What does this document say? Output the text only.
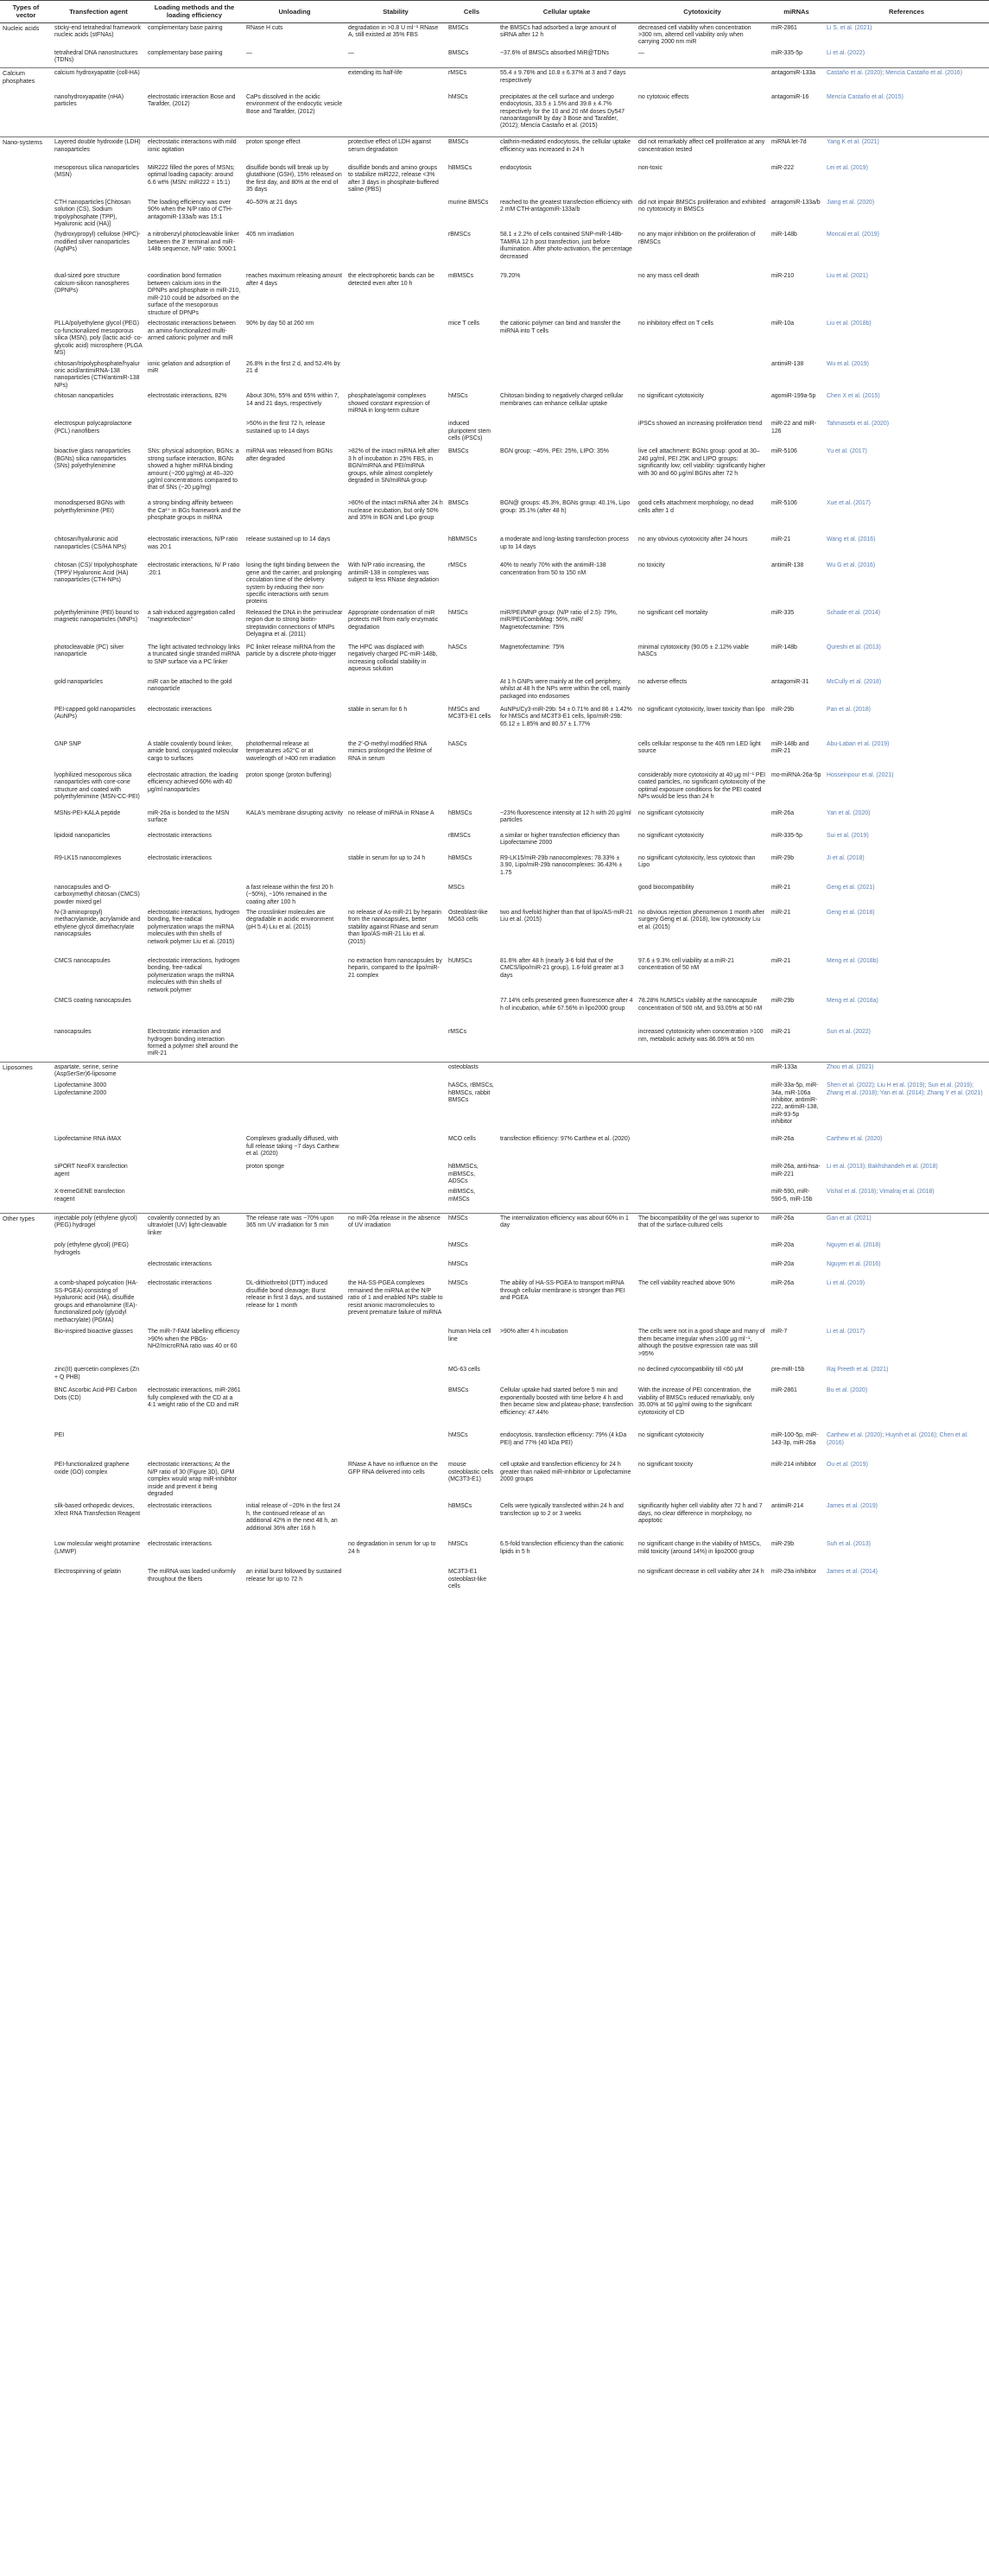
Types of vector	Transfection agent	Loading methods and the loading efficiency	Unloading	Stability	Cells	Cellular uptake	Cytotoxicity	miRNAs	References
Nucleic acids	sticky-end tetrahedral framework nucleic acids (stFNAs)	complementary base pairing	RNase H cuts	degradation in >0.8 U ml⁻¹ RNase A, still existed at 35% FBS	BMSCs	the BMSCs had adsorbed a large amount of siRNA after 12 h	decreased cell viability when concentration >300 nm, altered cell viability only when carrying 2000 nm miR	miR-2861	Li S. et al. (2021)
	tetrahedral DNA nanostructures (TDNs)	complementary base pairing	—	—	BMSCs	~37.6% of BMSCs absorbed MiR@TDNs	—	miR-335-5p	Li et al. (2022)
Calcium phosphates	calcium hydroxyapatite (coll-HA)			extending its half-life	rMSCs	55.4 ± 9.76% and 10.8 ± 6.37% at 3 and 7 days respectively		antagomiR-133a	Castaño et al. (2020); Mencía Castaño et al. (2016)
	nanohydroxyapatite (nHA) particles	electrostatic interaction Bose and Tarafder, (2012)	CaPs dissolved in the acidic environment of the endocytic vesicle Bose and Tarafder, (2012)		hMSCs	precipitates at the cell surface and undergo endocytosis, 33.5 ± 1.5% and 39.8 ± 4.7% respectively for the 10 and 20 nM doses Dy547 nanoantagomiR by day 3 Bose and Tarafder, (2012); Mencía Castaño et al. (2015)	no cytotoxic effects	antagomiR-16	Mencía Castaño et al. (2015)
Nano-systems	Layered double hydroxide (LDH) nanoparticles	electrostatic interactions with mild ionic agitation	proton sponge effect	protective effect of LDH against serum degradation	BMSCs	clathrin-mediated endocytosis, the cellular uptake efficiency was increased in 24 h	did not remarkably affect cell proliferation at any concentration tested	miRNA let-7d	Yang K et al. (2021)
	mesoporous silica nanoparticles (MSN)	MiR222 filled the pores of MSNs; optimal loading capacity: around 6.6 wt% (MSN: miR222 = 15:1)	disulfide bonds will break up by glutathione (GSH), 15% released on the first day, and 80% at the end of 35 days	disulfide bonds and amino groups to stabilize miR222, release <3% after 3 days in phosphate-buffered saline (PBS)	hBMSCs	endocytosis	non-toxic	miR-222	Lei et al. (2019)
	CTH nanoparticles [Chitosan solution (CS), Sodium tripolyphosphate (TPP), Hyaluronic acid (HA)]	The loading efficiency was over 90% when the N/P ratio of CTH-antagomiR-133a/b was 15:1	40–50% at 21 days		murine BMSCs	reached to the greatest transfection efficiency with 2 mM CTH-antagomiR-133a/b	did not impair BMSCs proliferation and exhibited no cytotoxicity in BMSCs	antagomiR-133a/b	Jiang et al. (2020)
	(hydroxypropyl) cellulose (HPC)-modified silver nanoparticles (AgNPs)	a nitrobenzyl photocleavable linker between the 3′ terminal and miR-148b sequence, N/P ratio: 5000:1	405 nm irradiation		rBMSCs	58.1 ± 2.2% of cells contained SNP-miR-148b-TAMRA 12 h post transfection, just before illumination. After photo-activation, the percentage decreased	no any major inhibition on the proliferation of rBMSCs	miR-148b	Moncal et al. (2019)
	dual-sized pore structure calcium-silicon nanospheres (DPNPs)	coordination bond formation between calcium ions in the DPNPs and phosphate in miR-210, miR-210 could be adsorbed on the surface of the mesoporous structure of DPNPs	reaches maximum releasing amount after 4 days	the electrophoretic bands can be detected even after 10 h	mBMSCs	79.20%	no any mass cell death	miR-210	Liu et al. (2021)
	PLLA/polyethylene glycol (PEG) co-functionalized mesoporous silica (MSN), poly (lactic acid- co-glycolic acid) microsphere (PLGA MS)	electrostatic interactions between an amino-functionalized multi-armed cationic polymer and miR	90% by day 50 at 260 nm		mice T cells	the cationic polymer can bind and transfer the miRNA into T cells	no inhibitory effect on T cells	miR-10a	Liu et al. (2018b)
	chitosan/tripolyphosphate/hyaluronic acid/antimiRNA-138 nanoparticles (CTH/antimiR-138 NPs)	ionic gelation and adsorption of miR	26.8% in the first 2 d, and 52.4% by 21 d					antimiR-138	Wu et al. (2019)
	chitosan nanoparticles	electrostatic interactions, 82%	About 30%, 55% and 65% within 7, 14 and 21 days, respectively	phosphate/agomir complexes showed constant expression of miRNA in long-term culture	hMSCs	Chitosan binding to negatively charged cellular membranes can enhance cellular uptake	no significant cytotoxicity	agomiR-199a-5p	Chen X et al. (2015)
	electrospun polycaprolactone (PCL) nanofibers		>50% in the first 72 h, release sustained up to 14 days		induced pluripotent stem cells (iPSCs)		iPSCs showed an increasing proliferation trend	miR-22 and miR-126	Tahmasebi et al. (2020)
	bioactive glass nanoparticles (BGNs) silica nanoparticles (SNs) polyethylenimine	SNs: physical adsorption, BGNs: a strong surface interaction, BGNs showed a higher miRNA binding amount (~200 μg/mg) at 40–320 μg/ml concentrations compared to that of SNs (~20 μg/mg)	miRNA was released from BGNs after degraded	>82% of the intact miRNA left after 3 h of incubation in 25% FBS, in BGN/miRNA and PEI/miRNA groups, while almost completely degraded in SN/miRNA group	BMSCs	BGN group: ~45%, PEI: 25%, LIPO: 35%	live cell attachment: BGNs group: good at 30–240 μg/ml, PEI 25K and LIPO groups: significantly low; cell viability: significantly higher with 30 and 60 μg/ml BGNs after 72 h	miR-5106	Yu et al. (2017)
	monodispersed BGNs with polyethylenimine (PEI)	a strong binding affinity between the Ca²⁺ in BGs framework and the phosphate groups in miRNA		>80% of the intact miRNA after 24 h nuclease incubation, but only 50% and 35% in BGN and Lipo group	BMSCs	BGN@ groups: 45.3%, BGNs group: 40.1%, Lipo group: 35.1% (after 48 h)	good cells attachment morphology, no dead cells after 1 d	miR-5106	Xue et al. (2017)
	chitosan/hyaluronic acid nanoparticles (CS/HA NPs)	electrostatic interactions, N/P ratio was 20:1	release sustained up to 14 days		hBMMSCs	a moderate and long-lasting transfection process up to 14 days	no any obvious cytotoxicity after 24 hours	miR-21	Wang et al. (2016)
	chitosan (CS)/ tripolyphosphate (TPP)/ Hyaluronic Acid (HA) nanoparticles (CTH-NPs)	electrostatic interactions, N/ P ratio :20:1	losing the tight binding between the gene and the carrier, and prolonging circulation time of the delivery system by reducing their non-specific interactions with serum proteins	With N/P ratio increasing, the antimiR-138 in complexes was subject to less RNase degradation	rMSCs	40% to nearly 70% with the antimiR-138 concentration from 50 to 150 nM	no toxicity	antimiR-138	Wu G et al. (2016)
	polyethylenimine (PEI) bound to magnetic nanoparticles (MNPs)	a salt-induced aggregation called "magnetofection"	Released the DNA in the perinuclear region due to strong biotin-streptavidin connections of MNPs Delyagina et al. (2011)	Appropriate condensation of miR protects miR from early enzymatic degradation	hMSCs	miR/PEI/MNP group: (N/P ratio of 2.5): 79%, miR/PEI/CombiMag: 56%, miR/ Magnetofectamine: 75%	no significant cell mortality	miR-335	Schade et al. (2014)
	photocleavable (PC) silver nanoparticle	The light activated technology links a truncated single stranded miRNA to SNP surface via a PC linker	PC linker release miRNA from the particle by a discrete photo-trigger	The HPC was displaced with negatively charged PC-miR-148b, increasing colloidal stability in aqueous solution	hASCs	Magnetofectamine: 75%	minimal cytotoxicity (90.05 ± 2.12% viable hASCs	miR-148b	Qureshi et al. (2013)
	gold nanoparticles	miR can be attached to the gold nanoparticle				At 1 h GNPs were mainly at the cell periphery, whilst at 48 h the NPs were within the cell, mainly packaged into endosomes	no adverse effects	antagomiR-31	McCully et al. (2018)
	PEI-capped gold nanoparticles (AuNPs)	electrostatic interactions		stable in serum for 6 h	hMSCs and MC3T3-E1 cells	AuNPs/Cy3-miR-29b: 54 ± 0.71% and 86 ± 1.42% for hMSCs and MC3T3-E1 cells, lipo/miR-29b: 65.12 ± 1.85% and 80.57 ± 1.77%	no significant cytotoxicity, lower toxicity than lipo	miR-29b	Pan et al. (2018)
	GNP SNP	A stable covalently bound linker, amide bond, conjugated molecular cargo to surfaces	photothermal release at temperatures ≥62°C or at wavelength of >400 nm irradiation	the 2′-O-methyl modified RNA mimics prolonged the lifetime of RNA in serum	hASCs		cells cellular response to the 405 nm LED light source	miR-148b and miR-21	Abu-Laban et al. (2019)
	lyophilized mesoporous silica nanoparticles with core-cone structure and coated with polyethylenimine (MSN-CC-PEI)	electrostatic attraction, the loading efficiency achieved 60% with 40 μg/ml nanoparticles	proton sponge (proton buffering)				considerably more cytotoxicity at 40 μg ml⁻¹ PEI coated particles, no significant cytotoxicity of the optimal exposure conditions for the PEI coated NPs would be less than 24 h	mo-miRNA-26a-5p	Hosseinpour et al. (2021)
	MSNs-PEI-KALA peptide	miR-26a is bonded to the MSN surface	KALA's membrane disrupting activity	no release of miRNA in RNase A	hBMSCs	~23% fluorescence intensity at 12 h with 20 μg/ml particles	no significant cytotoxicity	miR-26a	Yan et al. (2020)
	lipidoid nanoparticles	electrostatic interactions			rBMSCs	a similar or higher transfection efficiency than Lipofectamine 2000	no significant cytotoxicity	miR-335-5p	Sui et al. (2019)
	R9-LK15 nanocomplexes	electrostatic interactions		stable in serum for up to 24 h	hBMSCs	R9-LK15/miR-29b nanocomplexes: 78.33% ± 3.90, Lipo/miR-29b nanocomplexes: 36.43% ± 1.75	no significant cytotoxicity, less cytotoxic than Lipo	miR-29b	Ji et al. (2018)
	nanocapsules and O-carboxymethyl chitosan (CMCS) powder mixed gel		a fast release within the first 20 h (~50%), ~10% remained in the coating after 100 h		MSCs		good biocompatibility	miR-21	Geng et al. (2021)
	N-(3-aminopropyl) methacrylamide, acrylamide and ethylene glycol dimethacrylate nanocapsules	electrostatic interactions, hydrogen bonding, free-radical polymerization wraps the miRNA molecules with thin shells of network polymer Liu et al. (2015)	The crosslinker molecules are degradable in acidic environment (pH 5.4) Liu et al. (2015)	no release of As-miR-21 by heparin from the nanocapsules, better stability against RNase and serum than lipo/AS-miR-21 Liu et al. (2015)	Osteoblast-like MG63 cells	two and fivefold higher than that of lipo/AS-miR-21 Liu et al. (2015)	no obvious rejection phenomenon 1 month after surgery Geng et al. (2018), low cytotoxicity Liu et al. (2015)	miR-21	Geng et al. (2018)
	CMCS nanocapsules	electrostatic interactions, hydrogen bonding, free-radical polymerization wraps the miRNA molecules with thin shells of network polymer		no extraction from nanocapsules by heparin, compared to the lipo/miR-21 complex	hUMSCs	81.6% after 48 h (nearly 3-6 fold that of the CMCS/lipo/miR-21 group), 1.6-fold greater at 3 days	97.6 ± 9.3% cell viability at a miR-21 concentration of 50 nM	miR-21	Meng et al. (2018b)
	CMCS coating nanocapsules					77.14% cells presented green fluorescence after 4 h of incubation, while 67.56% in lipo2000 group	78.28% hUMSCs viability at the nanocapsule concentration of 500 nM, and 93.05% at 50 nM	miR-29b	Meng et al. (2018a)
	nanocapsules	Electrostatic interaction and hydrogen bonding interaction formed a polymer shell around the miR-21			rMSCs		increased cytotoxicity when concentration >100 nm, metabolic activity was 86.06% at 50 nm	miR-21	Sun et al. (2022)
Liposomes	aspartate, serine, serine (AspSerSer)6-liposome				osteoblasts			miR-133a	Zhou et al. (2021)
	Lipofectamine 3000 Lipofectamine 2000				hASCs, rBMSCs, hBMSCs, rabbit BMSCs			miR-33a-5p, miR-34a, miR-106a inhibitor, antimiR-222, antimiR-138, miR-93-5p inhibitor	Shen et al. (2022); Liu H et al. (2019); Sun et al. (2019); Zhang et al. (2018); Yan et al. (2014); Zhang Y et al. (2021)
	Lipofectamine RNA iMAX		Complexes gradually diffused, with full release taking ~7 days Carthew et al. (2020)		MCO cells	transfection efficiency: 97% Carthew et al. (2020)		miR-26a	Carthew et al. (2020)
	siPORT NeoFX transfection agent		proton sponge		hBMMSCs, mBMSCs, ADSCs			miR-26a, anti-hsa-miR-221	Li et al. (2013); Bakhshandeh et al. (2018)
	X-tremeGENE transfection reagent				mBMSCs, mMSCs			miR-590, miR-590-5, miR-15b	Vishal et al. (2018); Vimalraj et al. (2018)
Other types	injectable poly (ethylene glycol) (PEG) hydrogel	covalently connected by an ultraviolet (UV) light-cleavable linker	The release rate was ~70% upon 365 nm UV irradiation for 5 min	no miR-26a release in the absence of UV irradiation	hMSCs	The internalization efficiency was about 60% in 1 day	The biocompatibility of the gel was superior to that of the surface-cultured cells	miR-26a	Gan et al. (2021)
	poly (ethylene glycol) (PEG) hydrogels				hMSCs			miR-20a	Nguyen et al. (2018)
		electrostatic interactions			hMSCs			miR-20a	Nguyen et al. (2016)
	a comb-shaped polycation (HA-SS-PGEA) consisting of Hyaluronic acid (HA), disulfide groups and ethanolamine (EA)-functionalized poly (glycidyl methacrylate) (PGMA)	electrostatic interactions	DL-dithiothreitol (DTT) induced disulfide bond cleavage; Burst release in first 3 days, and sustained release for 1 month	the HA-SS-PGEA complexes remained the miRNA at the N/P ratio of 1 and enabled NPs stable to resist anionic macromolecules to prevent premature failure of miRNA	hMSCs	The ability of HA-SS-PGEA to transport miRNA through cellular membrane is stronger than PEI and PGEA	The cell viability reached above 90%	miR-26a	Li et al. (2019)
	Bio-inspired bioactive glasses	The miR-7-FAM labelling efficiency >90% when the PBGs-NH2/microRNA ratio was 40 or 60			human Hela cell line	>90% after 4 h incubation	The cells were not in a good shape and many of them became irregular when ≥100 μg ml⁻¹, although the positive expression rate was still >95%	miR-7	Li et al. (2017)
	zinc(II) quercetin complexes (Zn + Q PHB)				MG-63 cells		no declined cytocompatibility till <60 μM	pre-miR-15b	Raj Preeth et al. (2021)
	BNC Ascorbic Acid-PEI Carbon Dots (CD)	electrostatic interactions, miR-2861 fully complexed with the CD at a 4:1 weight ratio of the CD and miR			BMSCs	Cellular uptake had started before 5 min and exponentially boosted with time before 4 h and then became slow and plateau-phase; transfection efficiency: 47.44%	With the increase of PEI concentration, the viability of BMSCs reduced remarkably, only 35.00% at 50 μg/ml owing to the significant cytotoxicity of CD	miR-2861	Bu et al. (2020)
	PEI				hMSCs	endocytosis, transfection efficiency: 79% (4 kDa PEI) and 77% (40 kDa PEI)	no significant cytotoxicity	miR-100-5p, miR-143-3p, miR-26a	Carthew et al. (2020); Huynh et al. (2016); Chen et al. (2016)
	PEI-functionalized graphene oxide (GO) complex	electrostatic interactions; At the N/P ratio of 30 (Figure 3D), GPM complex would wrap miR-inhibitor inside and prevent it being degraded		RNase A have no influence on the GFP RNA delivered into cells	mouse osteoblastic cells (MC3T3-E1)	cell uptake and transfection efficiency for 24 h greater than naked miR-inhibitor or Lipofectamine 2000 groups	no significant toxicity	miR-214 inhibitor	Ou et al. (2019)
	silk-based orthopedic devices, Xfect RNA Transfection Reagent	electrostatic interactions	initial release of ~20% in the first 24 h, the continued release of an additional 42% in the next 48 h, an additional 36% after 168 h		hBMSCs	Cells were typically transfected within 24 h and transfection up to 2 or 3 weeks	significantly higher cell viability after 72 h and 7 days, no clear difference in morphology, no apoptotic	antimiR-214	James et al. (2019)
	Low molecular weight protamine (LMWP)	electrostatic interactions		no degradation in serum for up to 24 h	hMSCs	6.5-fold transfection efficiency than the cationic lipids in 5 h	no significant change in the viability of hMSCs, mild toxicity (around 14%) in lipo2000 group	miR-29b	Suh et al. (2013)
	Electrospinning of gelatin	The miRNA was loaded uniformly throughout the fibers	an initial burst followed by sustained release for up to 72 h		MC3T3-E1 osteoblast-like cells		no significant decrease in cell viability after 24 h	miR-29a inhibitor	James et al. (2014)
